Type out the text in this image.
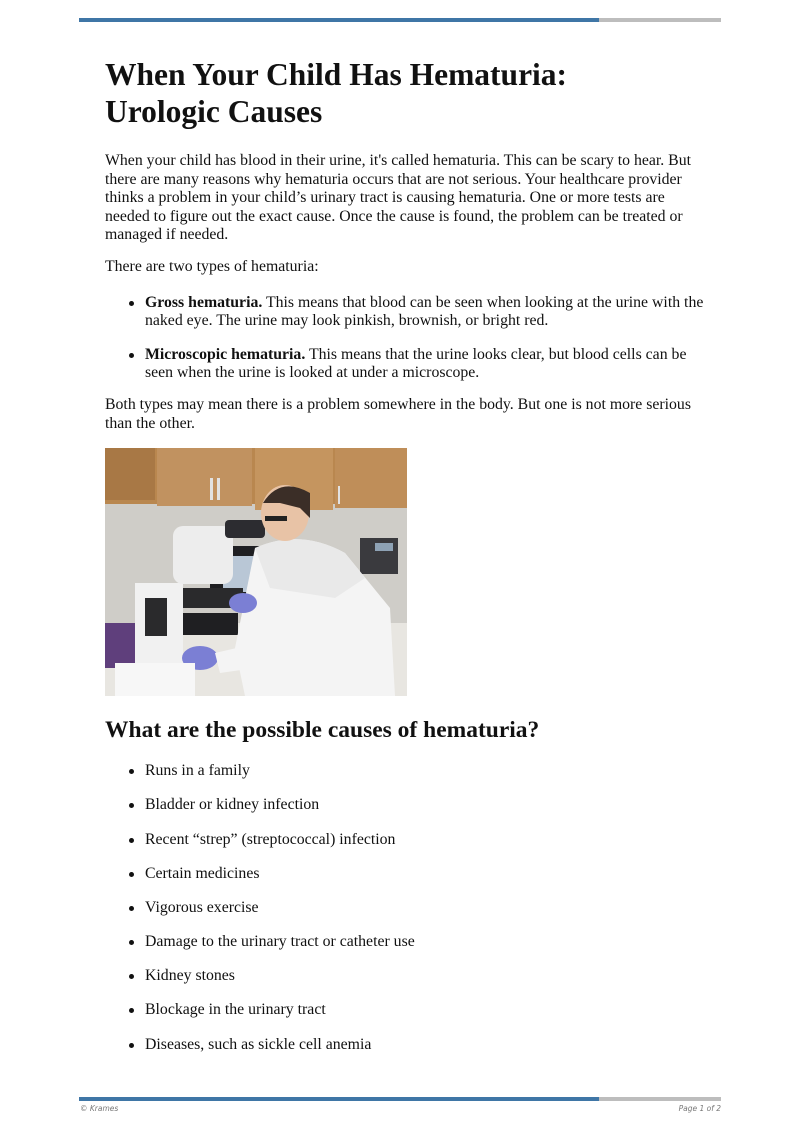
When Your Child Has Hematuria:
Urologic Causes

When your child has blood in their urine, it's called hematuria. This can be scary to hear. But there are many reasons why hematuria occurs that are not serious. Your healthcare provider thinks a problem in your child’s urinary tract is causing hematuria. One or more tests are needed to figure out the exact cause. Once the cause is found, the problem can be treated or managed if needed.

There are two types of hematuria:

Gross hematuria. This means that blood can be seen when looking at the urine with the naked eye. The urine may look pinkish, brownish, or bright red.
Microscopic hematuria. This means that the urine looks clear, but blood cells can be seen when the urine is looked at under a microscope.

Both types may mean there is a problem somewhere in the body. But one is not more serious than the other.

What are the possible causes of hematuria?
Runs in a family
Bladder or kidney infection
Recent “strep” (streptococcal) infection
Certain medicines
Vigorous exercise
Damage to the urinary tract or catheter use
Kidney stones
Blockage in the urinary tract
Diseases, such as sickle cell anemia
© Krames	Page 1 of 2
